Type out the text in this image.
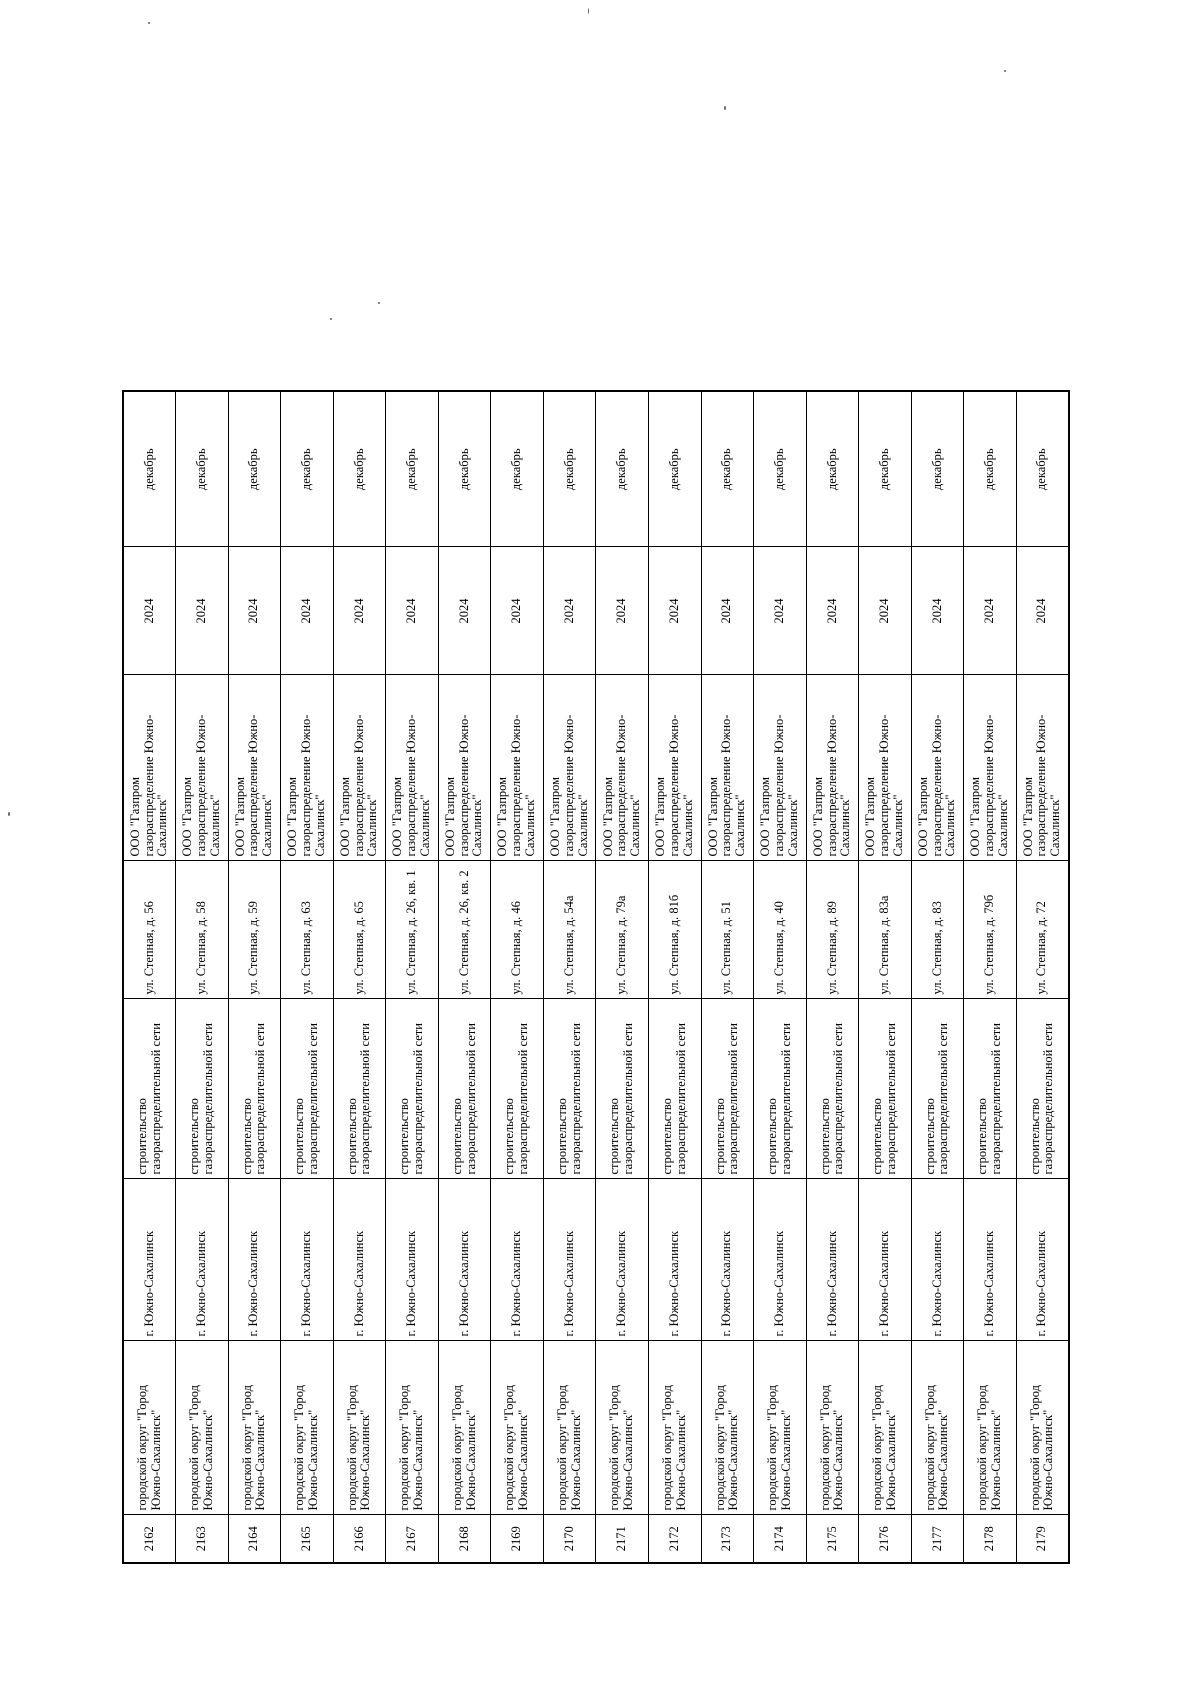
2162	городской округ "Город Южно-Сахалинск"	г. Южно-Сахалинск	строительство газораспределительной сети	ул. Степная, д. 56	ООО "Газпром газораспределение Южно-Сахалинск"	2024	декабрь
2163	городской округ "Город Южно-Сахалинск"	г. Южно-Сахалинск	строительство газораспределительной сети	ул. Степная, д. 58	ООО "Газпром газораспределение Южно-Сахалинск"	2024	декабрь
2164	городской округ "Город Южно-Сахалинск"	г. Южно-Сахалинск	строительство газораспределительной сети	ул. Степная, д. 59	ООО "Газпром газораспределение Южно-Сахалинск"	2024	декабрь
2165	городской округ "Город Южно-Сахалинск"	г. Южно-Сахалинск	строительство газораспределительной сети	ул. Степная, д. 63	ООО "Газпром газораспределение Южно-Сахалинск"	2024	декабрь
2166	городской округ "Город Южно-Сахалинск"	г. Южно-Сахалинск	строительство газораспределительной сети	ул. Степная, д. 65	ООО "Газпром газораспределение Южно-Сахалинск"	2024	декабрь
2167	городской округ "Город Южно-Сахалинск"	г. Южно-Сахалинск	строительство газораспределительной сети	ул. Степная, д. 26, кв. 1	ООО "Газпром газораспределение Южно-Сахалинск"	2024	декабрь
2168	городской округ "Город Южно-Сахалинск"	г. Южно-Сахалинск	строительство газораспределительной сети	ул. Степная, д. 26, кв. 2	ООО "Газпром газораспределение Южно-Сахалинск"	2024	декабрь
2169	городской округ "Город Южно-Сахалинск"	г. Южно-Сахалинск	строительство газораспределительной сети	ул. Степная, д. 46	ООО "Газпром газораспределение Южно-Сахалинск"	2024	декабрь
2170	городской округ "Город Южно-Сахалинск"	г. Южно-Сахалинск	строительство газораспределительной сети	ул. Степная, д. 54а	ООО "Газпром газораспределение Южно-Сахалинск"	2024	декабрь
2171	городской округ "Город Южно-Сахалинск"	г. Южно-Сахалинск	строительство газораспределительной сети	ул. Степная, д. 79а	ООО "Газпром газораспределение Южно-Сахалинск"	2024	декабрь
2172	городской округ "Город Южно-Сахалинск"	г. Южно-Сахалинск	строительство газораспределительной сети	ул. Степная, д. 81б	ООО "Газпром газораспределение Южно-Сахалинск"	2024	декабрь
2173	городской округ "Город Южно-Сахалинск"	г. Южно-Сахалинск	строительство газораспределительной сети	ул. Степная, д. 51	ООО "Газпром газораспределение Южно-Сахалинск"	2024	декабрь
2174	городской округ "Город Южно-Сахалинск"	г. Южно-Сахалинск	строительство газораспределительной сети	ул. Степная, д. 40	ООО "Газпром газораспределение Южно-Сахалинск"	2024	декабрь
2175	городской округ "Город Южно-Сахалинск"	г. Южно-Сахалинск	строительство газораспределительной сети	ул. Степная, д. 89	ООО "Газпром газораспределение Южно-Сахалинск"	2024	декабрь
2176	городской округ "Город Южно-Сахалинск"	г. Южно-Сахалинск	строительство газораспределительной сети	ул. Степная, д. 83а	ООО "Газпром газораспределение Южно-Сахалинск"	2024	декабрь
2177	городской округ "Город Южно-Сахалинск"	г. Южно-Сахалинск	строительство газораспределительной сети	ул. Степная, д. 83	ООО "Газпром газораспределение Южно-Сахалинск"	2024	декабрь
2178	городской округ "Город Южно-Сахалинск"	г. Южно-Сахалинск	строительство газораспределительной сети	ул. Степная, д. 79б	ООО "Газпром газораспределение Южно-Сахалинск"	2024	декабрь
2179	городской округ "Город Южно-Сахалинск"	г. Южно-Сахалинск	строительство газораспределительной сети	ул. Степная, д. 72	ООО "Газпром газораспределение Южно-Сахалинск"	2024	декабрь
